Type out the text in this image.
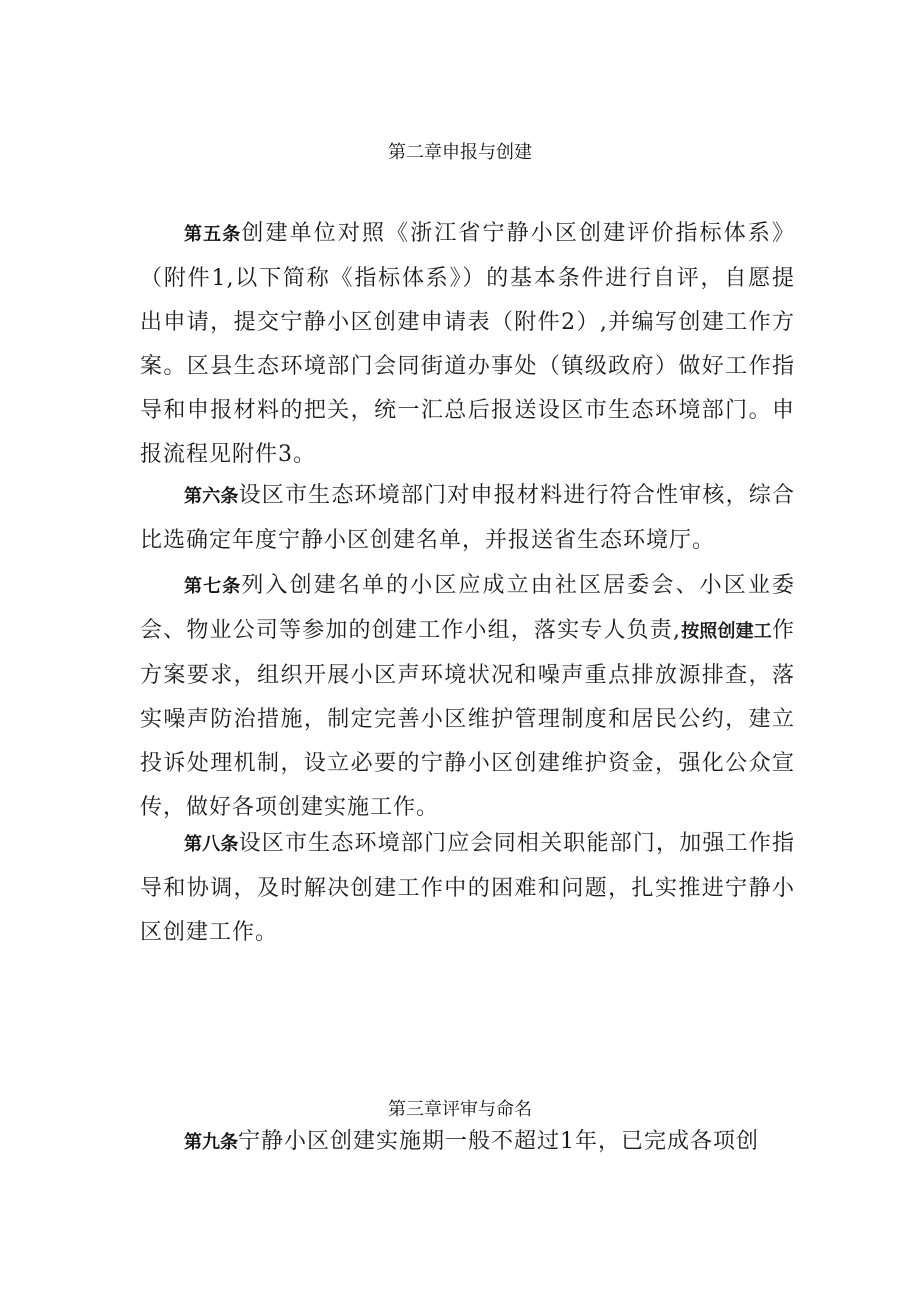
第二章申报与创建

第五条创建单位对照《浙江省宁静小区创建评价指标体系》（附件1,以下简称《指标体系》）的基本条件进行自评，自愿提出申请，提交宁静小区创建申请表（附件2）,并编写创建工作方案。区县生态环境部门会同街道办事处（镇级政府）做好工作指导和申报材料的把关，统一汇总后报送设区市生态环境部门。申报流程见附件3。

第六条设区市生态环境部门对申报材料进行符合性审核，综合比选确定年度宁静小区创建名单，并报送省生态环境厅。

第七条列入创建名单的小区应成立由社区居委会、小区业委会、物业公司等参加的创建工作小组，落实专人负责,按照创建工作方案要求，组织开展小区声环境状况和噪声重点排放源排查，落实噪声防治措施，制定完善小区维护管理制度和居民公约，建立投诉处理机制，设立必要的宁静小区创建维护资金，强化公众宣传，做好各项创建实施工作。

第八条设区市生态环境部门应会同相关职能部门，加强工作指导和协调，及时解决创建工作中的困难和问题，扎实推进宁静小区创建工作。

第三章评审与命名

第九条宁静小区创建实施期一般不超过1年，已完成各项创
